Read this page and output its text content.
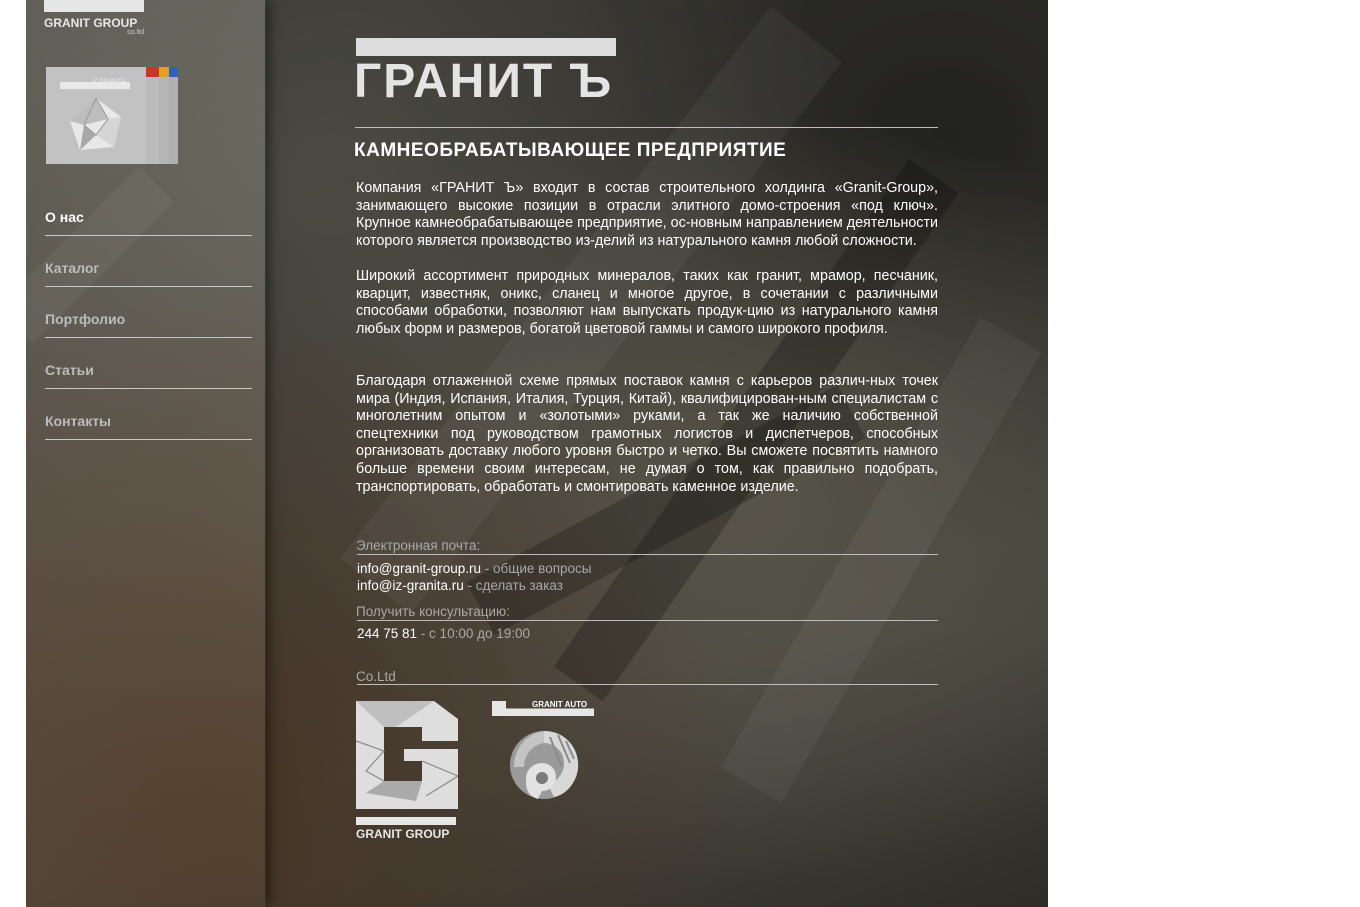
GRANIT GROUP
co.ltd
IZ GRANITA
О нас
Каталог
Портфолио
Статьи
Контакты
ГРАНИТ Ъ
КАМНЕОБРАБАТЫВАЮЩЕЕ ПРЕДПРИЯТИЕ
Компания «ГРАНИТ Ъ» входит в состав строительного холдинга «Granit-Group», занимающего высокие позиции в отрасли элитного домо-строения «под ключ». Крупное камнеобрабатывающее предприятие, ос-новным направлением деятельности которого является производство из-делий из натурального камня любой сложности.
Широкий ассортимент природных минералов, таких как гранит, мрамор, песчаник, кварцит, известняк, оникс, сланец и многое другое, в сочетании с различными способами обработки, позволяют нам выпускать продук-цию из натурального камня любых форм и размеров, богатой цветовой гаммы и самого широкого профиля.
Благодаря отлаженной схеме прямых поставок камня с карьеров различ-ных точек мира (Индия, Испания, Италия, Турция, Китай), квалифицирован-ным специалистам с многолетним опытом и «золотыми» руками, а так же наличию собственной спецтехники под руководством грамотных логистов и диспетчеров, способных организовать доставку любого уровня быстро и четко. Вы сможете посвятить намного больше времени своим интересам, не думая о том, как правильно подобрать, транспортировать, обработать и смонтировать каменное изделие.
Электронная почта:
info@granit-group.ru - общие вопросы
info@iz-granita.ru - сделать заказ
Получить консультацию:
244 75 81 - с 10:00 до 19:00
Co.Ltd
GRANIT GROUP
GRANIT AUTO
